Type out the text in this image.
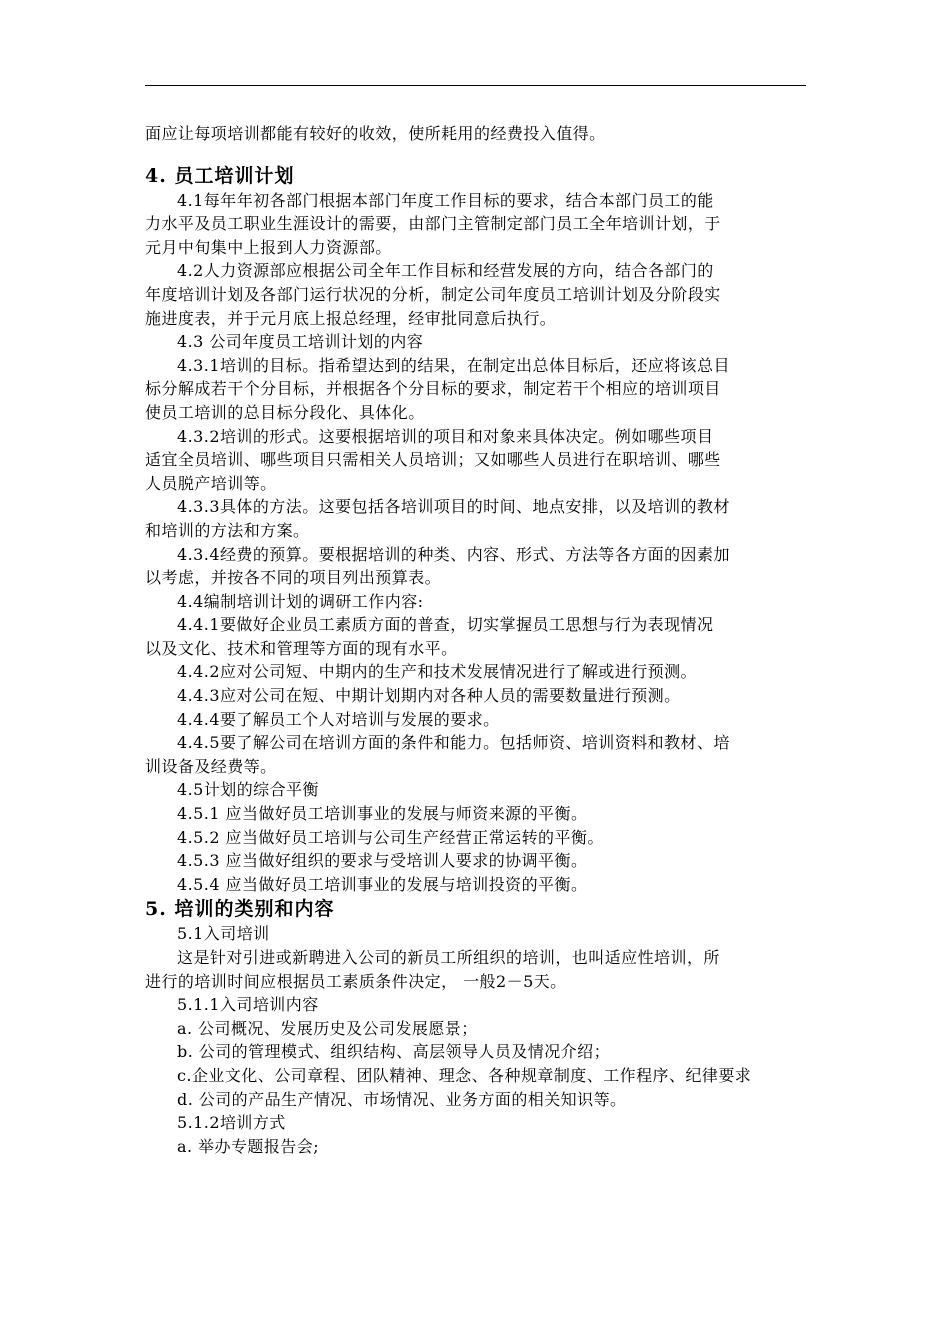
面应让每项培训都能有较好的收效，使所耗用的经费投入值得。
4. 员工培训计划
4.1每年年初各部门根据本部门年度工作目标的要求，结合本部门员工的能
力水平及员工职业生涯设计的需要，由部门主管制定部门员工全年培训计划，于
元月中旬集中上报到人力资源部。
4.2人力资源部应根据公司全年工作目标和经营发展的方向，结合各部门的
年度培训计划及各部门运行状况的分析，制定公司年度员工培训计划及分阶段实
施进度表，并于元月底上报总经理，经审批同意后执行。
4.3 公司年度员工培训计划的内容
4.3.1培训的目标。指希望达到的结果，在制定出总体目标后，还应将该总目
标分解成若干个分目标，并根据各个分目标的要求，制定若干个相应的培训项目
使员工培训的总目标分段化、具体化。
4.3.2培训的形式。这要根据培训的项目和对象来具体决定。例如哪些项目
适宜全员培训、哪些项目只需相关人员培训；又如哪些人员进行在职培训、哪些
人员脱产培训等。
4.3.3具体的方法。这要包括各培训项目的时间、地点安排，以及培训的教材
和培训的方法和方案。
4.3.4经费的预算。要根据培训的种类、内容、形式、方法等各方面的因素加
以考虑，并按各不同的项目列出预算表。
4.4编制培训计划的调研工作内容:
4.4.1要做好企业员工素质方面的普查，切实掌握员工思想与行为表现情况
以及文化、技术和管理等方面的现有水平。
4.4.2应对公司短、中期内的生产和技术发展情况进行了解或进行预测。
4.4.3应对公司在短、中期计划期内对各种人员的需要数量进行预测。
4.4.4要了解员工个人对培训与发展的要求。
4.4.5要了解公司在培训方面的条件和能力。包括师资、培训资料和教材、培
训设备及经费等。
4.5计划的综合平衡
4.5.1 应当做好员工培训事业的发展与师资来源的平衡。
4.5.2 应当做好员工培训与公司生产经营正常运转的平衡。
4.5.3 应当做好组织的要求与受培训人要求的协调平衡。
4.5.4 应当做好员工培训事业的发展与培训投资的平衡。
5. 培训的类别和内容
5.1入司培训
这是针对引进或新聘进入公司的新员工所组织的培训，也叫适应性培训，所
进行的培训时间应根据员工素质条件决定， 一般2－5天。
5.1.1入司培训内容
a. 公司概况、发展历史及公司发展愿景；
b. 公司的管理模式、组织结构、高层领导人员及情况介绍；
c.企业文化、公司章程、团队精神、理念、各种规章制度、工作程序、纪律要求
d. 公司的产品生产情况、市场情况、业务方面的相关知识等。
5.1.2培训方式
a. 举办专题报告会;
